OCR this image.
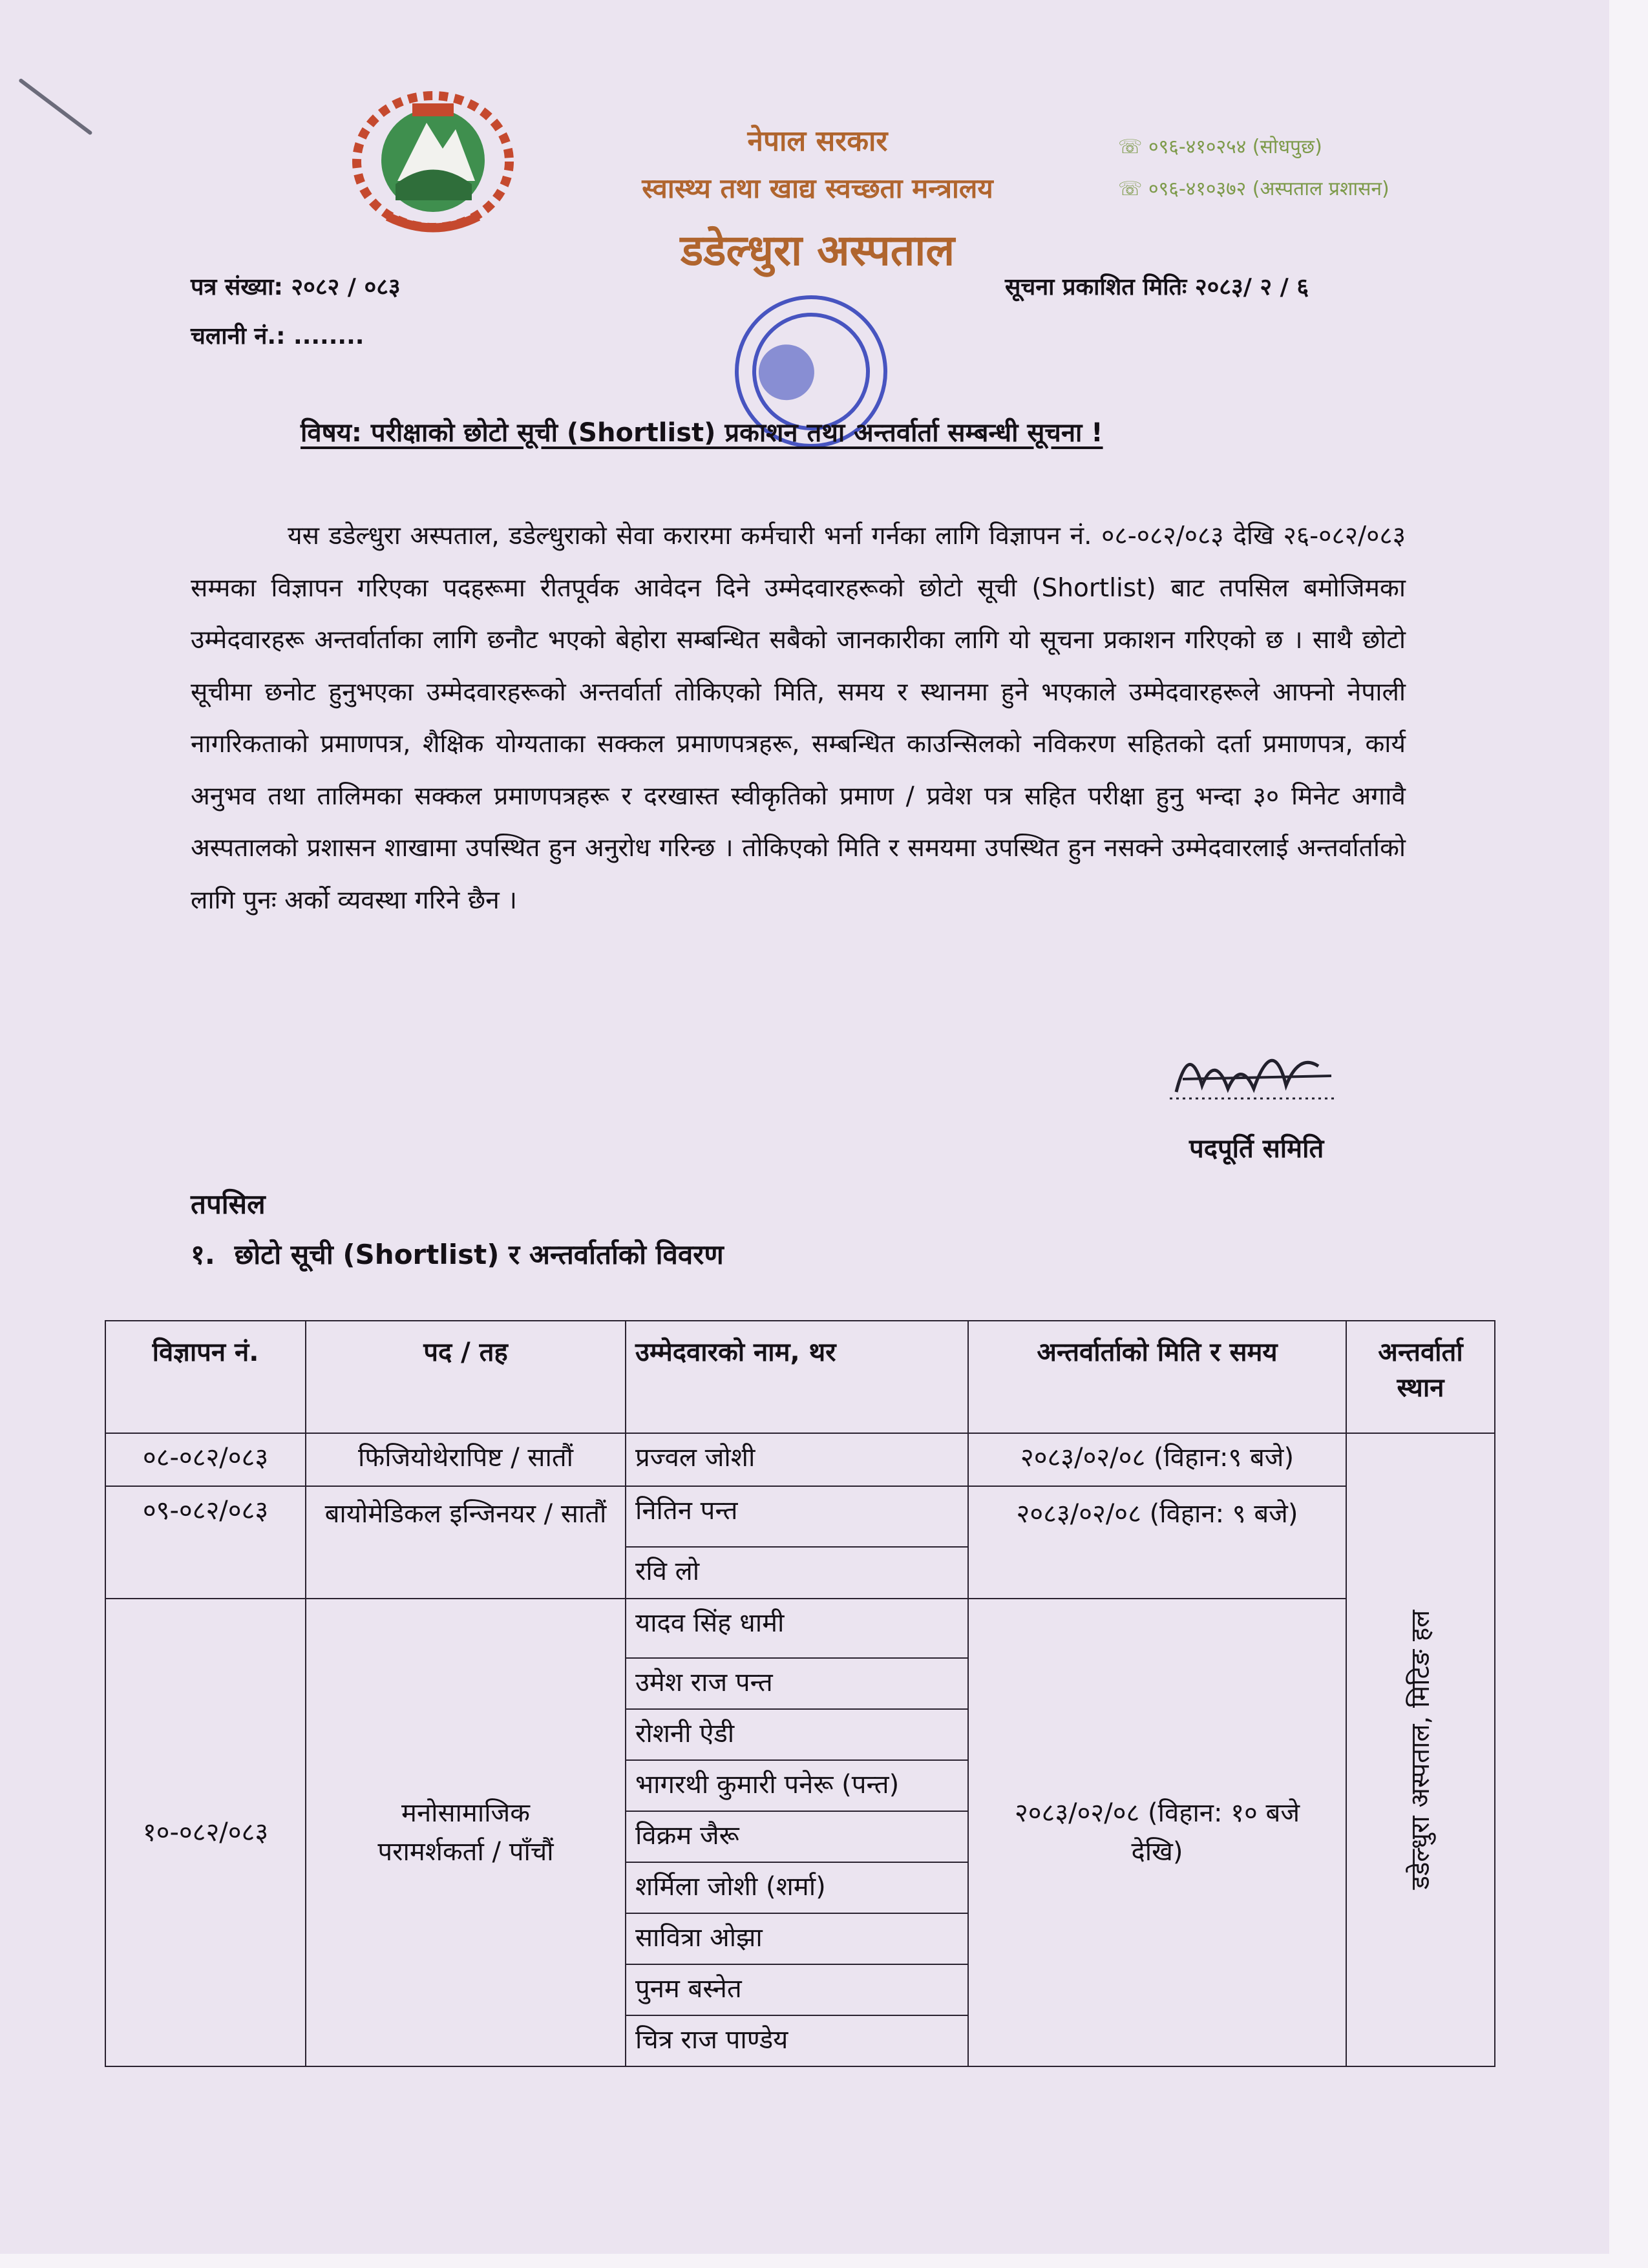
नेपाल सरकार
स्वास्थ्य तथा खाद्य स्वच्छता मन्त्रालय
डडेल्धुरा अस्पताल
☏ ०९६-४१०२५४ (सोधपुछ)
☏ ०९६-४१०३७२ (अस्पताल प्रशासन)
पत्र संख्या: २०८२ / ०८३
चलानी नं.: ........
सूचना प्रकाशित मितिः २०८३/ २ / ६
विषय: परीक्षाको छोटो सूची (Shortlist) प्रकाशन तथा अन्तर्वार्ता सम्बन्धी सूचना !
यस डडेल्धुरा अस्पताल, डडेल्धुराको सेवा करारमा कर्मचारी भर्ना गर्नका लागि विज्ञापन नं. ०८-०८२/०८३ देखि २६-०८२/०८३ सम्मका विज्ञापन गरिएका पदहरूमा रीतपूर्वक आवेदन दिने उम्मेदवारहरूको छोटो सूची (Shortlist) बाट तपसिल बमोजिमका उम्मेदवारहरू अन्तर्वार्ताका लागि छनौट भएको बेहोरा सम्बन्धित सबैको जानकारीका लागि यो सूचना प्रकाशन गरिएको छ । साथै छोटो सूचीमा छनोट हुनुभएका उम्मेदवारहरूको अन्तर्वार्ता तोकिएको मिति, समय र स्थानमा हुने भएकाले उम्मेदवारहरूले आफ्नो नेपाली नागरिकताको प्रमाणपत्र, शैक्षिक योग्यताका सक्कल प्रमाणपत्रहरू, सम्बन्धित काउन्सिलको नविकरण सहितको दर्ता प्रमाणपत्र, कार्य अनुभव तथा तालिमका सक्कल प्रमाणपत्रहरू र दरखास्त स्वीकृतिको प्रमाण / प्रवेश पत्र सहित परीक्षा हुनु भन्दा ३० मिनेट अगावै अस्पतालको प्रशासन शाखामा उपस्थित हुन अनुरोध गरिन्छ । तोकिएको मिति र समयमा उपस्थित हुन नसक्ने उम्मेदवारलाई अन्तर्वार्ताको लागि पुनः अर्को व्यवस्था गरिने छैन ।
पदपूर्ति समिति
तपसिल
१. छोटो सूची (Shortlist) र अन्तर्वार्ताको विवरण
विज्ञापन नं.	पद / तह	उम्मेदवारको नाम, थर	अन्तर्वार्ताको मिति र समय	अन्तर्वार्ता स्थान
०८-०८२/०८३	फिजियोथेरापिष्ट / सातौं	प्रज्वल जोशी	२०८३/०२/०८ (विहान:९ बजे)	डडेल्धुरा अस्पताल, मिटिङ हल

०९-०८२/०८३	बायोमेडिकल इन्जिनयर / सातौं	नितिन पन्त	२०८३/०२/०८ (विहान: ९ बजे)	
		रवि लो		
१०-०८२/०८३	मनोसामाजिक परामर्शकर्ता / पाँचौं	यादव सिंह धामी	२०८३/०२/०८ (विहान: १० बजे देखि)	
		उमेश राज पन्त		
		रोशनी ऐडी		
		भागरथी कुमारी पनेरू (पन्त)		
		विक्रम जैरू		
		शर्मिला जोशी (शर्मा)		
		सावित्रा ओझा		
		पुनम बस्नेत		
		चित्र राज पाण्डेय		
